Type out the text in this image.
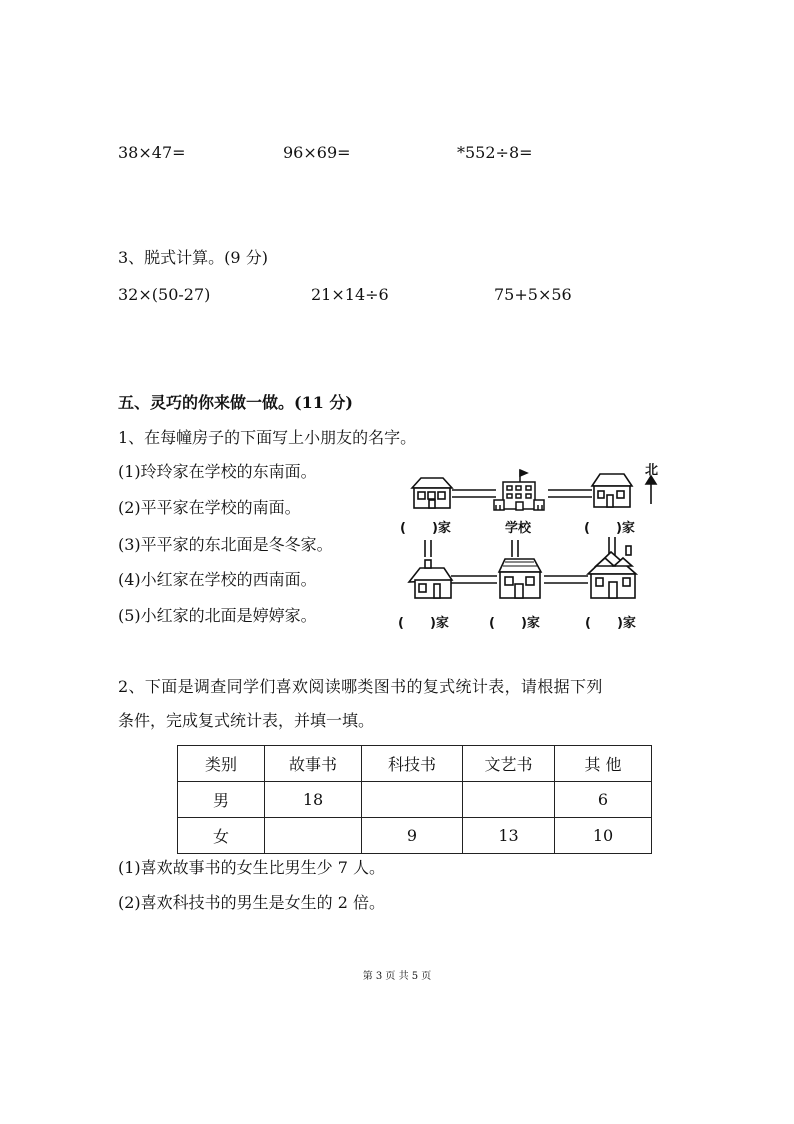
38×47=	96×69=	*552÷8=
3、脱式计算。(9 分)
32×(50-27)	21×14÷6	75+5×56
五、灵巧的你来做一做。(11 分)
1、在每幢房子的下面写上小朋友的名字。
(1)玲玲家在学校的东南面。
(2)平平家在学校的南面。
(3)平平家的东北面是冬冬家。
(4)小红家在学校的西南面。
(5)小红家的北面是婷婷家。
北
学校
(　　)家	(　　)家
(　　)家	(　　)家	(　　)家
2、下面是调查同学们喜欢阅读哪类图书的复式统计表，请根据下列
条件，完成复式统计表，并填一填。
类别	故事书	科技书	文艺书	其 他
男	18			6
女		9	13	10
(1)喜欢故事书的女生比男生少 7 人。
(2)喜欢科技书的男生是女生的 2 倍。
第 3 页 共 5 页
